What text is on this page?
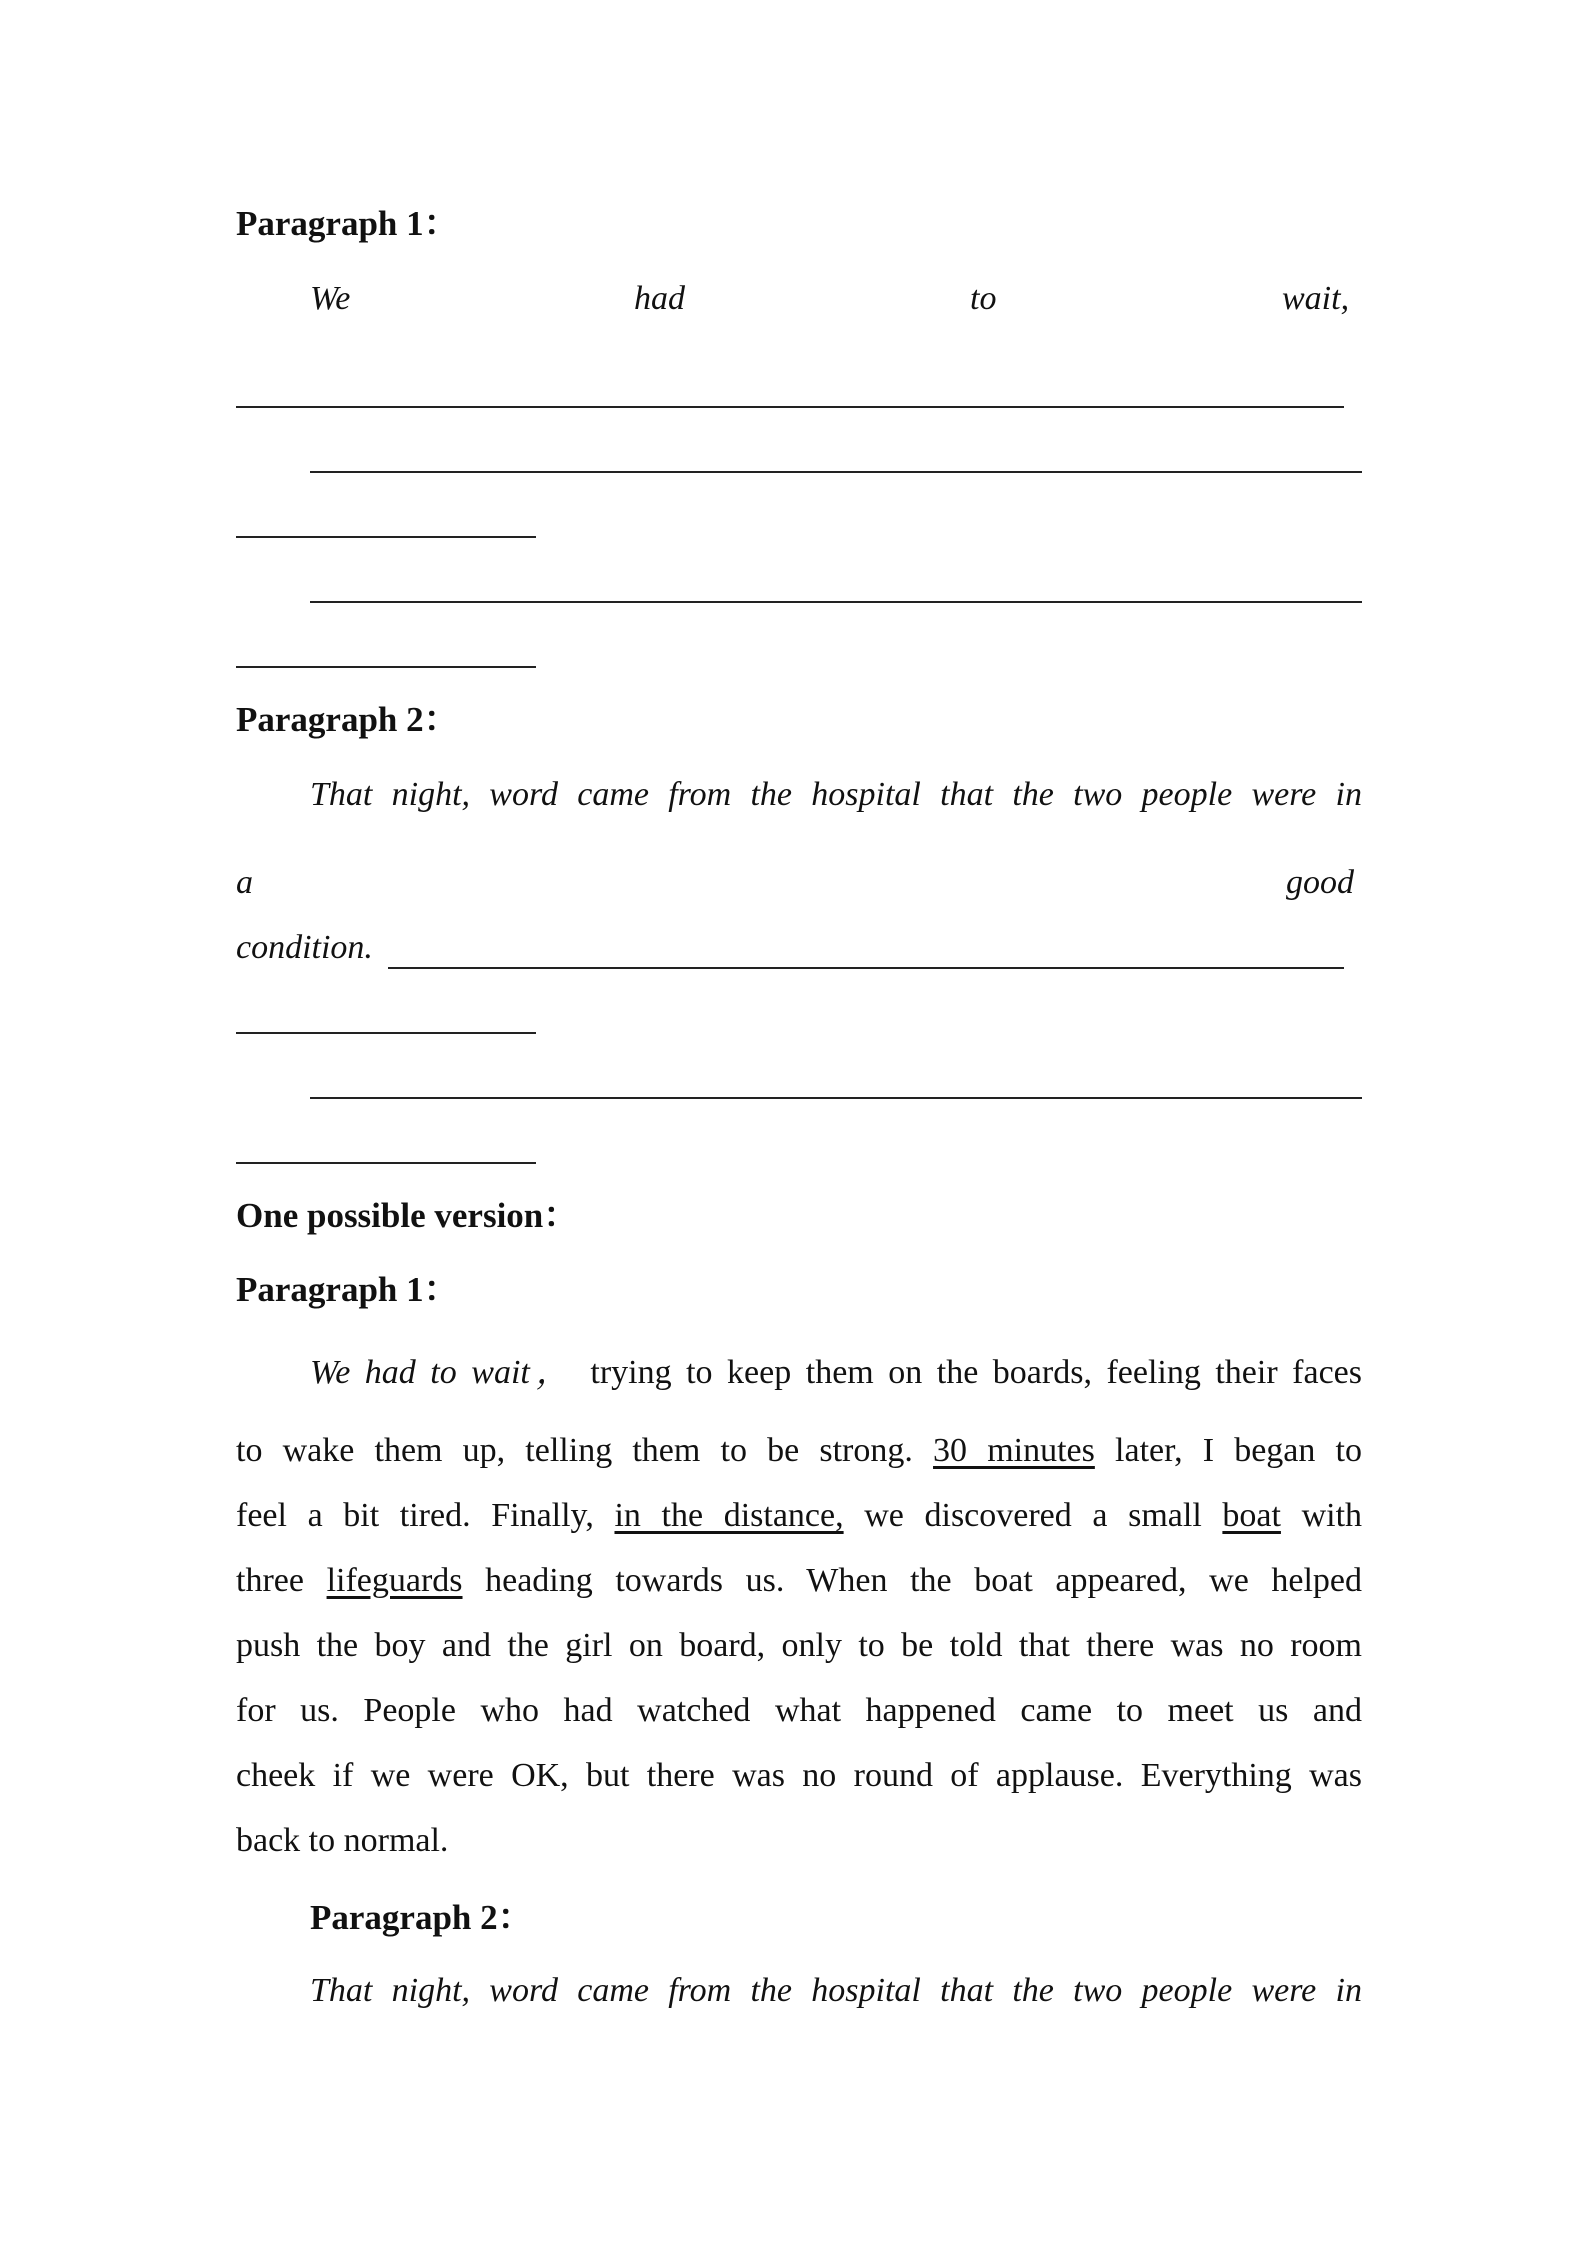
Paragraph 1：
We	had	to	wait,
Paragraph 2：
That night, word came from the hospital that the two people were in
a	good
condition.
One possible version：
Paragraph 1：
We had to wait， trying to keep them on the boards, feeling their faces
to wake them up, telling them to be strong. 30 minutes later, I began to
feel a bit tired. Finally, in the distance, we discovered a small boat with
three lifeguards heading towards us. When the boat appeared, we helped
push the boy and the girl on board, only to be told that there was no room
for us. People who had watched what happened came to meet us and
cheek if we were OK, but there was no round of applause. Everything was
back to normal.
Paragraph 2：
That night, word came from the hospital that the two people were in
